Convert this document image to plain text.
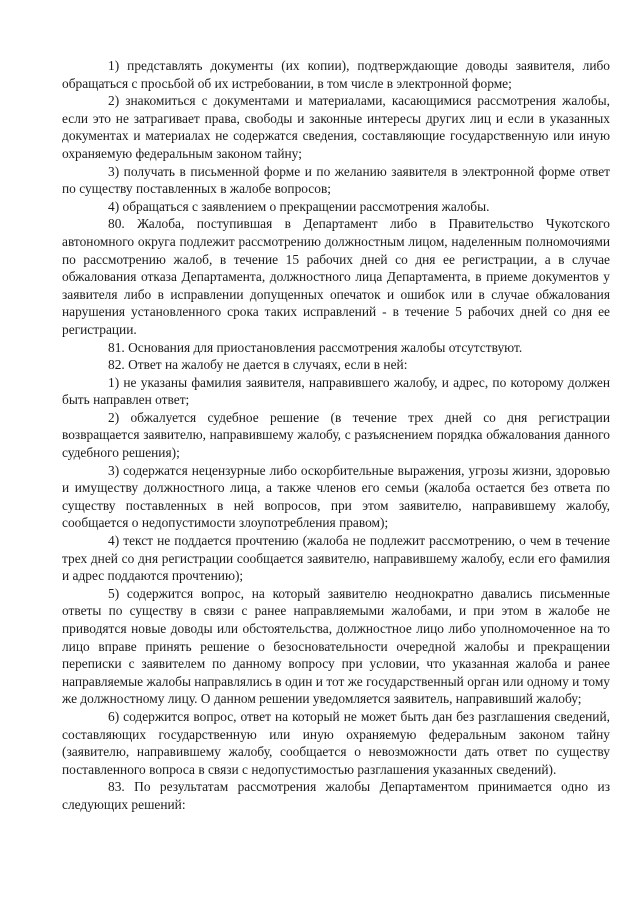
1) представлять документы (их копии), подтверждающие доводы заявителя, либо обращаться с просьбой об их истребовании, в том числе в электронной форме;

2) знакомиться с документами и материалами, касающимися рассмотрения жалобы, если это не затрагивает права, свободы и законные интересы других лиц и если в указанных документах и материалах не содержатся сведения, составляющие государственную или иную охраняемую федеральным законом тайну;

3) получать в письменной форме и по желанию заявителя в электронной форме ответ по существу поставленных в жалобе вопросов;

4) обращаться с заявлением о прекращении рассмотрения жалобы.

80. Жалоба, поступившая в Департамент либо в Правительство Чукотского автономного округа подлежит рассмотрению должностным лицом, наделенным полномочиями по рассмотрению жалоб, в течение 15 рабочих дней со дня ее регистрации, а в случае обжалования отказа Департамента, должностного лица Департамента, в приеме документов у заявителя либо в исправлении допущенных опечаток и ошибок или в случае обжалования нарушения установленного срока таких исправлений - в течение 5 рабочих дней со дня ее регистрации.

81. Основания для приостановления рассмотрения жалобы отсутствуют.

82. Ответ на жалобу не дается в случаях, если в ней:

1) не указаны фамилия заявителя, направившего жалобу, и адрес, по которому должен быть направлен ответ;

2) обжалуется судебное решение (в течение трех дней со дня регистрации возвращается заявителю, направившему жалобу, с разъяснением порядка обжалования данного судебного решения);

3) содержатся нецензурные либо оскорбительные выражения, угрозы жизни, здоровью и имуществу должностного лица, а также членов его семьи (жалоба остается без ответа по существу поставленных в ней вопросов, при этом заявителю, направившему жалобу, сообщается о недопустимости злоупотребления правом);

4) текст не поддается прочтению (жалоба не подлежит рассмотрению, о чем в течение трех дней со дня регистрации сообщается заявителю, направившему жалобу, если его фамилия и адрес поддаются прочтению);

5) содержится вопрос, на который заявителю неоднократно давались письменные ответы по существу в связи с ранее направляемыми жалобами, и при этом в жалобе не приводятся новые доводы или обстоятельства, должностное лицо либо уполномоченное на то лицо вправе принять решение о безосновательности очередной жалобы и прекращении переписки с заявителем по данному вопросу при условии, что указанная жалоба и ранее направляемые жалобы направлялись в один и тот же государственный орган или одному и тому же должностному лицу. О данном решении уведомляется заявитель, направивший жалобу;

6) содержится вопрос, ответ на который не может быть дан без разглашения сведений, составляющих государственную или иную охраняемую федеральным законом тайну (заявителю, направившему жалобу, сообщается о невозможности дать ответ по существу поставленного вопроса в связи с недопустимостью разглашения указанных сведений).

83. По результатам рассмотрения жалобы Департаментом принимается одно из следующих решений:
